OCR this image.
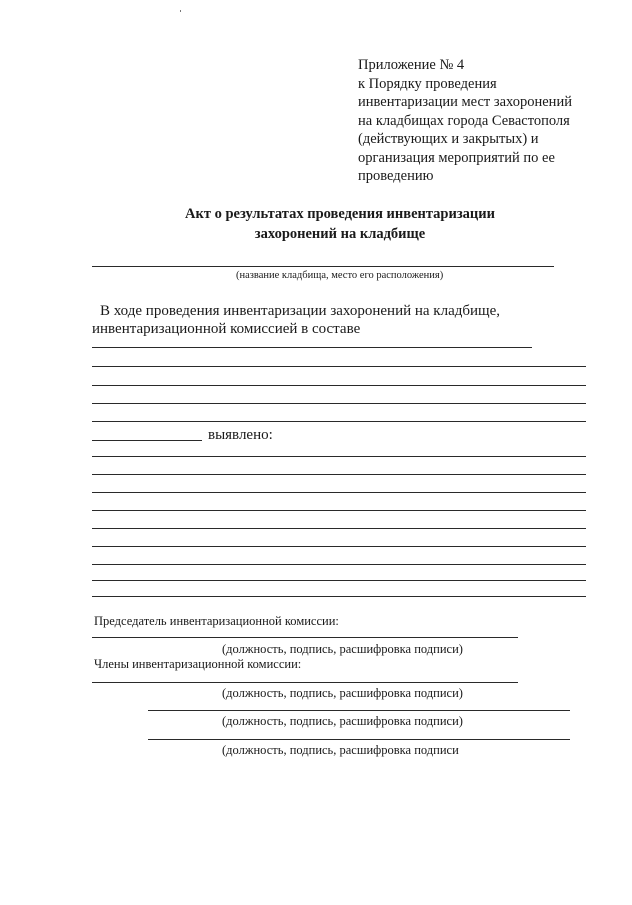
Приложение № 4
к Порядку проведения
инвентаризации мест захоронений
на кладбищах города Севастополя
(действующих и закрытых) и
организация мероприятий по ее
проведению
Акт о результатах проведения инвентаризации
захоронений на кладбище
(название кладбища, место его расположения)
В ходе проведения инвентаризации захоронений на кладбище,
инвентаризационной комиссией в составе
выявлено:
Председатель инвентаризационной комиссии:
(должность, подпись, расшифровка подписи)
Члены инвентаризационной комиссии:
(должность, подпись, расшифровка подписи)
(должность, подпись, расшифровка подписи)
(должность, подпись, расшифровка подписи
